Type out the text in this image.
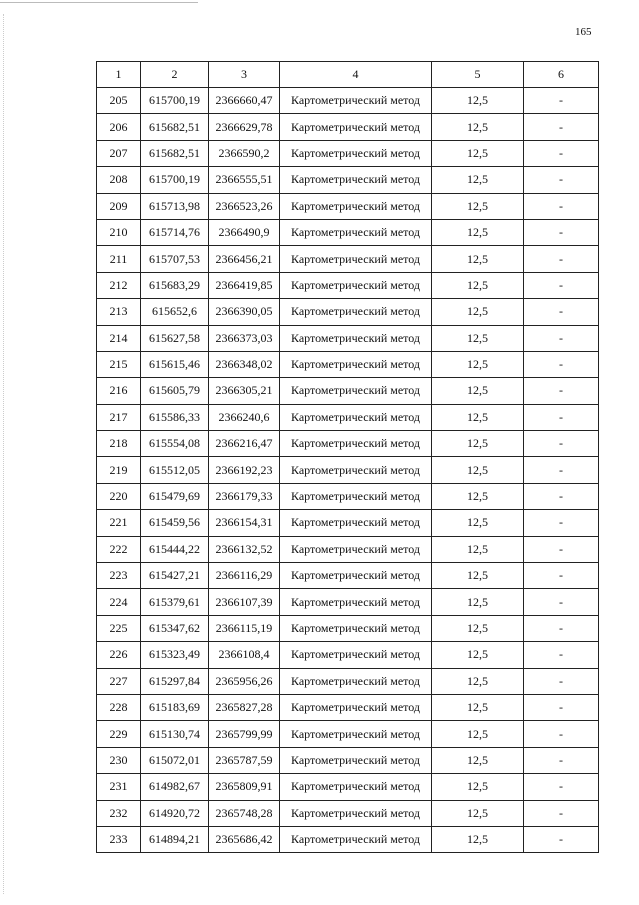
165
1	2	3	4	5	6
205	615700,19	2366660,47	Картометрический метод	12,5	-
206	615682,51	2366629,78	Картометрический метод	12,5	-
207	615682,51	2366590,2	Картометрический метод	12,5	-
208	615700,19	2366555,51	Картометрический метод	12,5	-
209	615713,98	2366523,26	Картометрический метод	12,5	-
210	615714,76	2366490,9	Картометрический метод	12,5	-
211	615707,53	2366456,21	Картометрический метод	12,5	-
212	615683,29	2366419,85	Картометрический метод	12,5	-
213	615652,6	2366390,05	Картометрический метод	12,5	-
214	615627,58	2366373,03	Картометрический метод	12,5	-
215	615615,46	2366348,02	Картометрический метод	12,5	-
216	615605,79	2366305,21	Картометрический метод	12,5	-
217	615586,33	2366240,6	Картометрический метод	12,5	-
218	615554,08	2366216,47	Картометрический метод	12,5	-
219	615512,05	2366192,23	Картометрический метод	12,5	-
220	615479,69	2366179,33	Картометрический метод	12,5	-
221	615459,56	2366154,31	Картометрический метод	12,5	-
222	615444,22	2366132,52	Картометрический метод	12,5	-
223	615427,21	2366116,29	Картометрический метод	12,5	-
224	615379,61	2366107,39	Картометрический метод	12,5	-
225	615347,62	2366115,19	Картометрический метод	12,5	-
226	615323,49	2366108,4	Картометрический метод	12,5	-
227	615297,84	2365956,26	Картометрический метод	12,5	-
228	615183,69	2365827,28	Картометрический метод	12,5	-
229	615130,74	2365799,99	Картометрический метод	12,5	-
230	615072,01	2365787,59	Картометрический метод	12,5	-
231	614982,67	2365809,91	Картометрический метод	12,5	-
232	614920,72	2365748,28	Картометрический метод	12,5	-
233	614894,21	2365686,42	Картометрический метод	12,5	-
